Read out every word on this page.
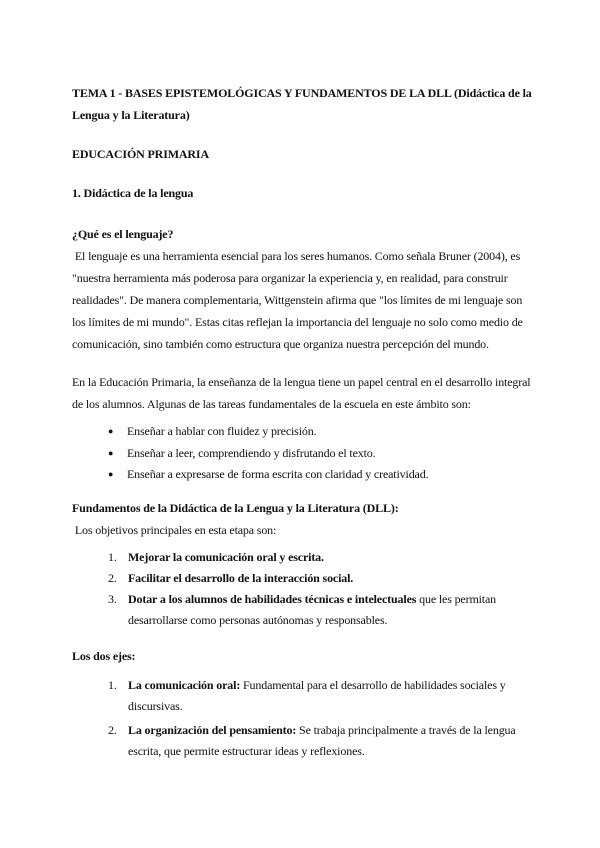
TEMA 1 - BASES EPISTEMOLÓGICAS Y FUNDAMENTOS DE LA DLL (Didáctica de la Lengua y la Literatura)

EDUCACIÓN PRIMARIA

1. Didáctica de la lengua

¿Qué es el lenguaje?

El lenguaje es una herramienta esencial para los seres humanos. Como señala Bruner (2004), es "nuestra herramienta más poderosa para organizar la experiencia y, en realidad, para construir realidades". De manera complementaria, Wittgenstein afirma que "los límites de mi lenguaje son los límites de mi mundo". Estas citas reflejan la importancia del lenguaje no solo como medio de comunicación, sino también como estructura que organiza nuestra percepción del mundo.

En la Educación Primaria, la enseñanza de la lengua tiene un papel central en el desarrollo integral de los alumnos. Algunas de las tareas fundamentales de la escuela en este ámbito son:

● Enseñar a hablar con fluidez y precisión.
● Enseñar a leer, comprendiendo y disfrutando el texto.
● Enseñar a expresarse de forma escrita con claridad y creatividad.

Fundamentos de la Didáctica de la Lengua y la Literatura (DLL):

Los objetivos principales en esta etapa son:

1. Mejorar la comunicación oral y escrita.
2. Facilitar el desarrollo de la interacción social.
3. Dotar a los alumnos de habilidades técnicas e intelectuales que les permitan desarrollarse como personas autónomas y responsables.

Los dos ejes:

1. La comunicación oral: Fundamental para el desarrollo de habilidades sociales y discursivas.
2. La organización del pensamiento: Se trabaja principalmente a través de la lengua escrita, que permite estructurar ideas y reflexiones.
